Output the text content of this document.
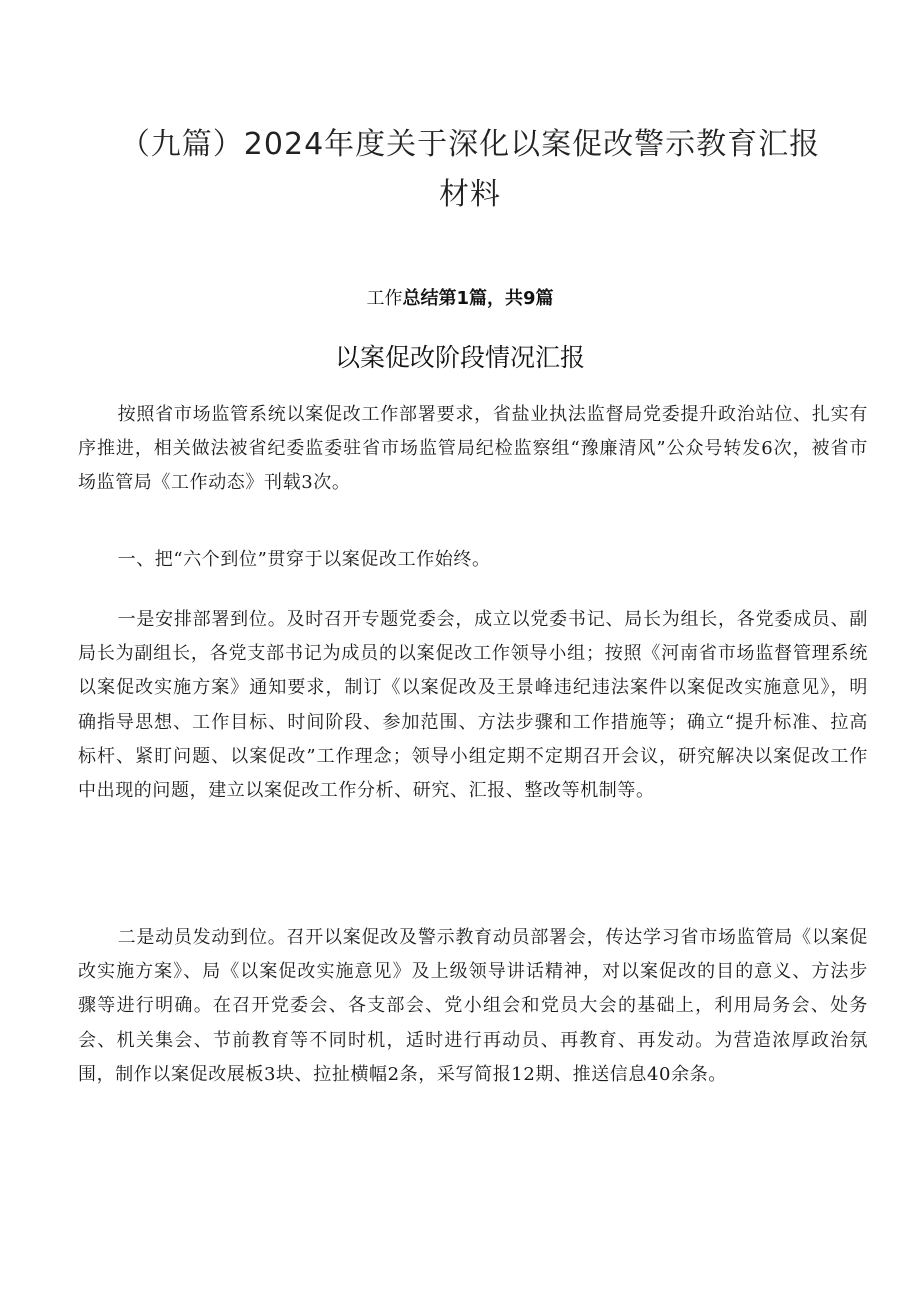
（九篇）2024年度关于深化以案促改警示教育汇报
材料
工作总结第1篇，共9篇
以案促改阶段情况汇报

按照省市场监管系统以案促改工作部署要求，省盐业执法监督局党委提升政治站位、扎实有序推进，相关做法被省纪委监委驻省市场监管局纪检监察组“豫廉清风”公众号转发6次，被省市场监管局《工作动态》刊载3次。

一、把“六个到位”贯穿于以案促改工作始终。

一是安排部署到位。及时召开专题党委会，成立以党委书记、局长为组长，各党委成员、副局长为副组长，各党支部书记为成员的以案促改工作领导小组；按照《河南省市场监督管理系统以案促改实施方案》通知要求，制订《以案促改及王景峰违纪违法案件以案促改实施意见》，明确指导思想、工作目标、时间阶段、参加范围、方法步骤和工作措施等；确立“提升标准、拉高标杆、紧盯问题、以案促改”工作理念；领导小组定期不定期召开会议，研究解决以案促改工作中出现的问题，建立以案促改工作分析、研究、汇报、整改等机制等。

二是动员发动到位。召开以案促改及警示教育动员部署会，传达学习省市场监管局《以案促改实施方案》、局《以案促改实施意见》及上级领导讲话精神，对以案促改的目的意义、方法步骤等进行明确。在召开党委会、各支部会、党小组会和党员大会的基础上，利用局务会、处务会、机关集会、节前教育等不同时机，适时进行再动员、再教育、再发动。为营造浓厚政治氛围，制作以案促改展板3块、拉扯横幅2条，采写简报12期、推送信息40余条。
